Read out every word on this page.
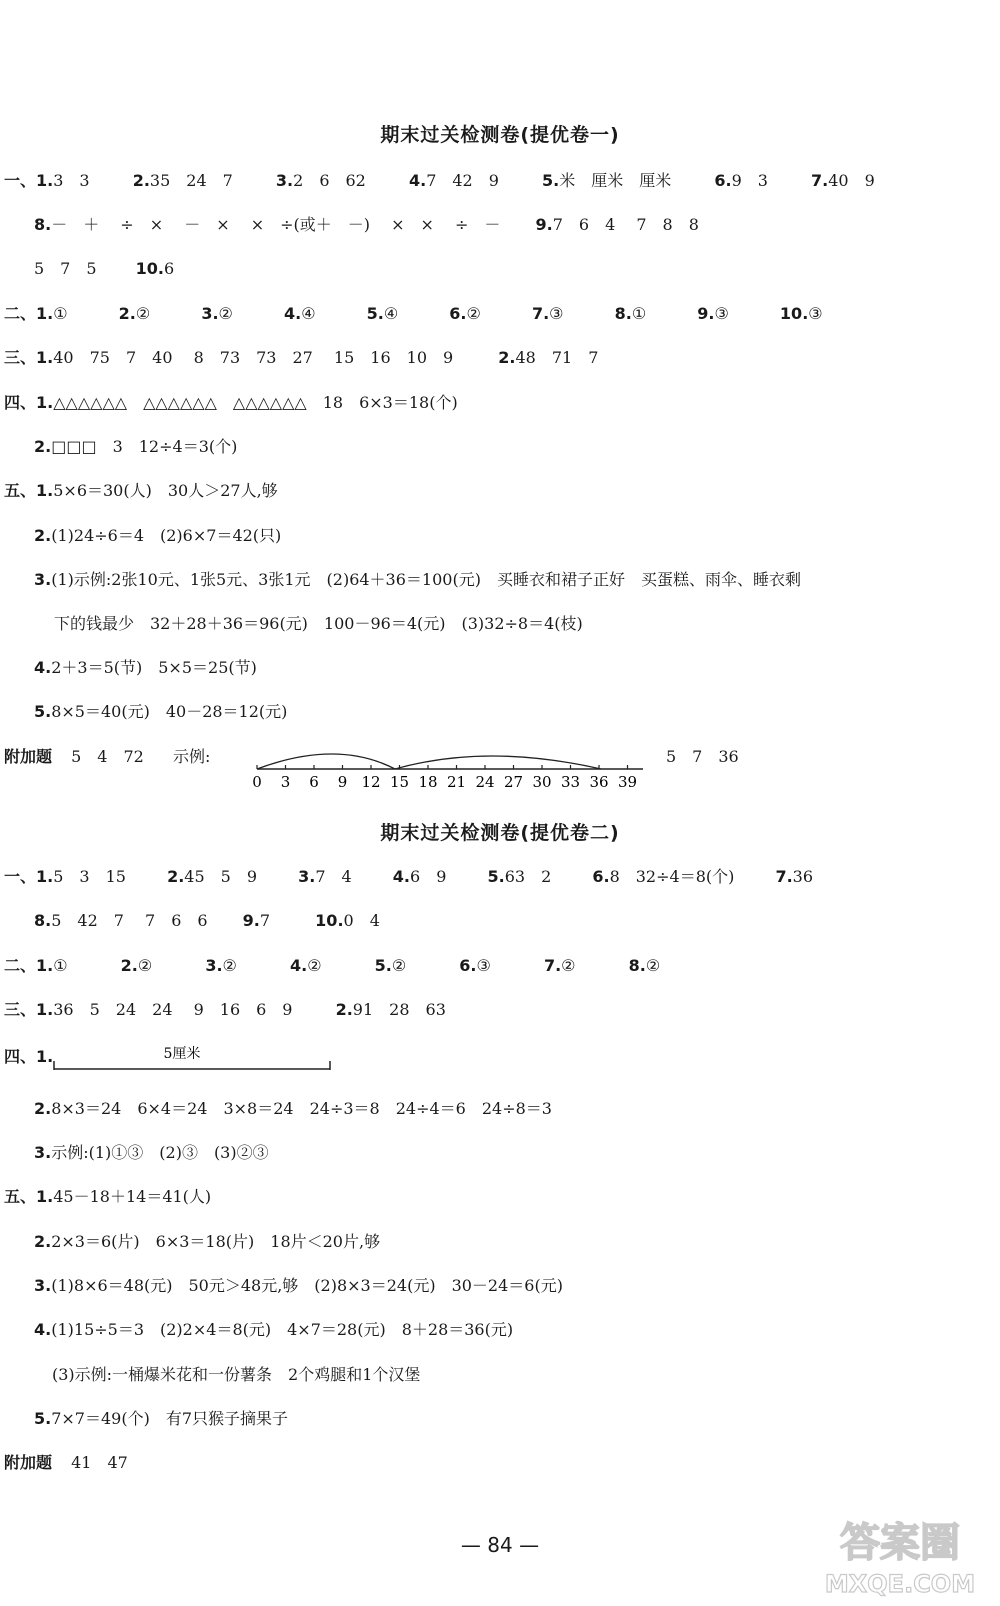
期末过关检测卷(提优卷一)
一、1.3　3	2.35　24　7	3.2　6　62	4.7　42　9	5.米　厘米　厘米	6.9　3	7.40　9
8.－　＋　 ÷　×　 －　×　 ×　÷(或＋　－)　 ×　×　 ÷　－ 9.7　6　4　 7　8　8
5　7　5 10.6
二、1.①	2.②	3.②	4.④	5.④	6.②	7.③	8.①	9.③	10.③
三、1.40　75　7　40　 8　73　73　27　 15　16　10　9	2.48　71　7
四、1.△△△△△△　△△△△△△　△△△△△△　18　6×3＝18(个)
2.□□□　3　12÷4＝3(个)
五、1.5×6＝30(人)　30人＞27人,够
2.(1)24÷6＝4　(2)6×7＝42(只)
3.(1)示例:2张10元、1张5元、3张1元　(2)64＋36＝100(元)　买睡衣和裙子正好　买蛋糕、雨伞、睡衣剩
下的钱最少　32＋28＋36＝96(元)　100－96＝4(元)　(3)32÷8＝4(枝)
4.2＋3＝5(节)　5×5＝25(节)
5.8×5＝40(元)　40－28＝12(元)
附加题 5　4　72 示例:
0 3 6 9 12 15 18 21 24 27 30 33 36 39
5　7　36
期末过关检测卷(提优卷二)
一、1.5　3　15	2.45　5　9	3.7　4	4.6　9	5.63　2	6.8　32÷4＝8(个)	7.36
8.5　42　7　 7　6　6 9.7	10.0　4
二、1.①	2.②	3.②	4.②	5.②	6.③	7.②	8.②
三、1.36　5　24　24　 9　16　6　9	2.91　28　63
四、1.	5厘米
2.8×3＝24　6×4＝24　3×8＝24　24÷3＝8　24÷4＝6　24÷8＝3
3.示例:(1)①③　(2)③　(3)②③
五、1.45－18＋14＝41(人)
2.2×3＝6(片)　6×3＝18(片)　18片＜20片,够
3.(1)8×6＝48(元)　50元＞48元,够　(2)8×3＝24(元)　30－24＝6(元)
4.(1)15÷5＝3　(2)2×4＝8(元)　4×7＝28(元)　8＋28＝36(元)
(3)示例:一桶爆米花和一份薯条　2个鸡腿和1个汉堡
5.7×7＝49(个)　有7只猴子摘果子
附加题 41　47
— 84 —	答案圈
MXQE.COM
